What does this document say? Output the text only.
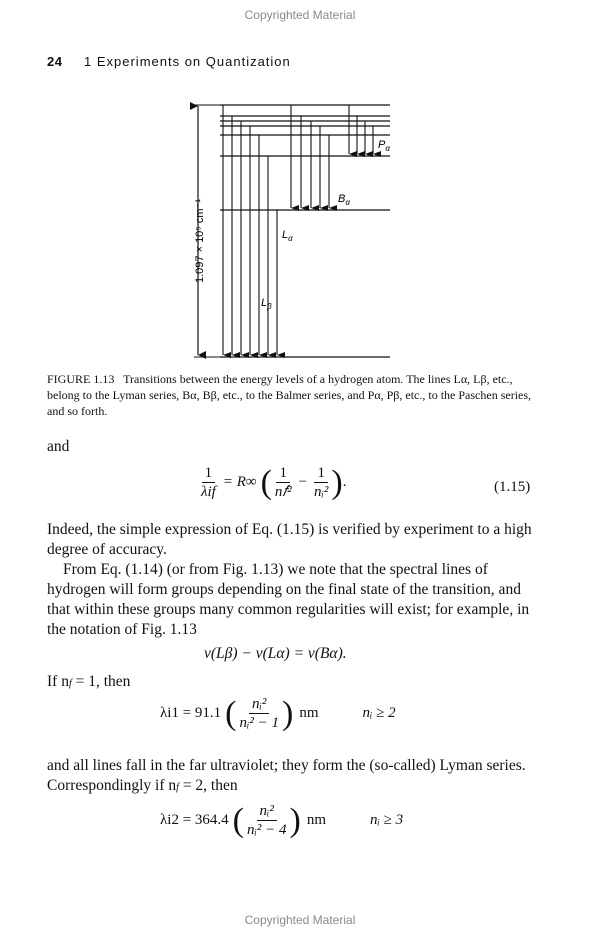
Copyrighted Material
24 1 Experiments on Quantization
1.097 × 10⁵ cm⁻¹
$P_\alpha$
$B_\alpha$
$L_\alpha$
$L_\beta$
FIGURE 1.13 Transitions between the energy levels of a hydrogen atom. The lines Lα, Lβ, etc., belong to the Lyman series, Bα, Bβ, etc., to the Balmer series, and Pα, Pβ, etc., to the Paschen series, and so forth.
and
$\frac{1}{\text{λif}} = R\infty$ ( $\frac{1}{\text{n𝑓²}} - \frac{1}{\text{nᵢ²}}$ ) .	(1.15)
Indeed, the simple expression of Eq. (1.15) is verified by experiment to a high degree of accuracy.
From Eq. (1.14) (or from Fig. 1.13) we note that the spectral lines of hydrogen will form groups depending on the final state of the transition, and that within these groups many common regularities will exist; for example, in the notation of Fig. 1.13
ν(Lβ) − ν(Lα) = ν(Bα).
If nf = 1, then
λi1 = 91.1 ( $\frac{\text{nᵢ²}}{\text{nᵢ² − 1}}$ ) nm	nᵢ ≥ 2
and all lines fall in the far ultraviolet; they form the (so-called) Lyman series. Correspondingly if nf = 2, then
λi2 = 364.4 ( $\frac{\text{nᵢ²}}{\text{nᵢ² − 4}}$ ) nm	nᵢ ≥ 3
Copyrighted Material
